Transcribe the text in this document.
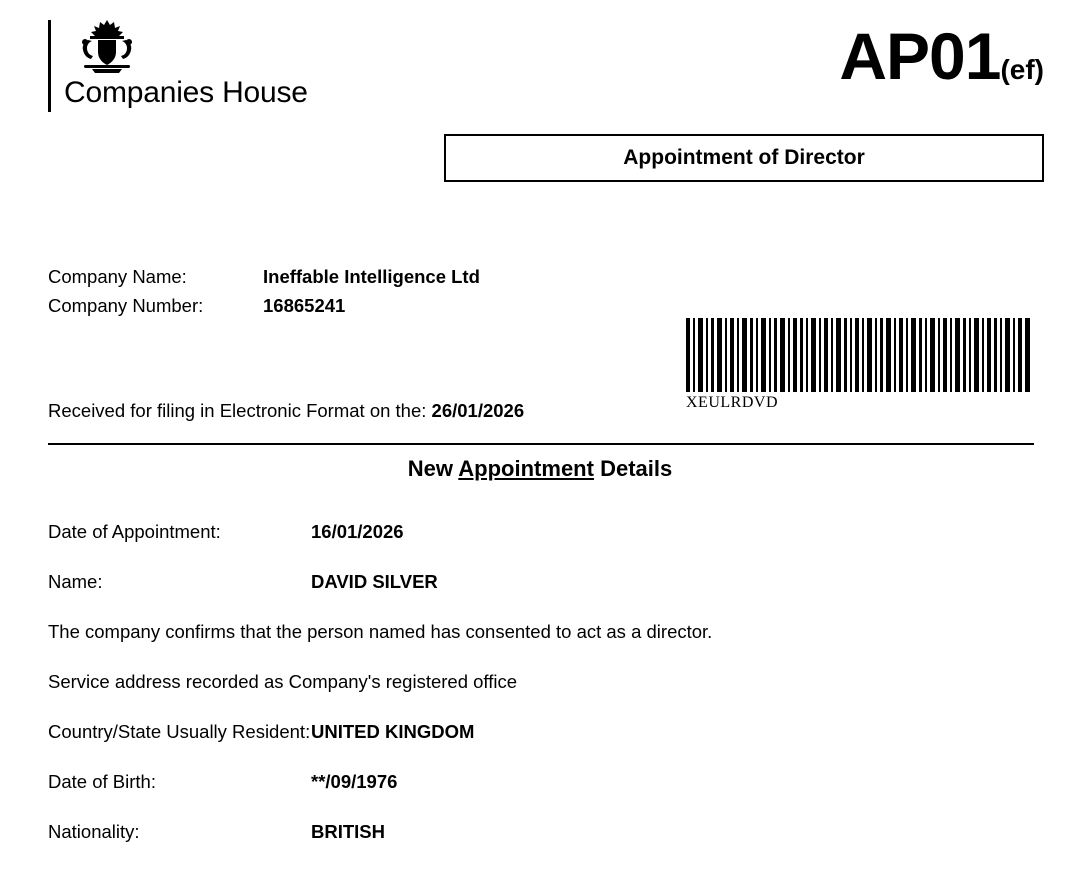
Companies House	AP01(ef)
Appointment of Director
Company Name:	Ineffable Intelligence Ltd
Company Number:	16865241
XEULRDVD
Received for filing in Electronic Format on the: 26/01/2026
New Appointment Details
Date of Appointment:	16/01/2026
Name:	DAVID SILVER
The company confirms that the person named has consented to act as a director.
Service address recorded as Company's registered office
Country/State Usually Resident: UNITED KINGDOM
Date of Birth:	**/09/1976
Nationality:	BRITISH
